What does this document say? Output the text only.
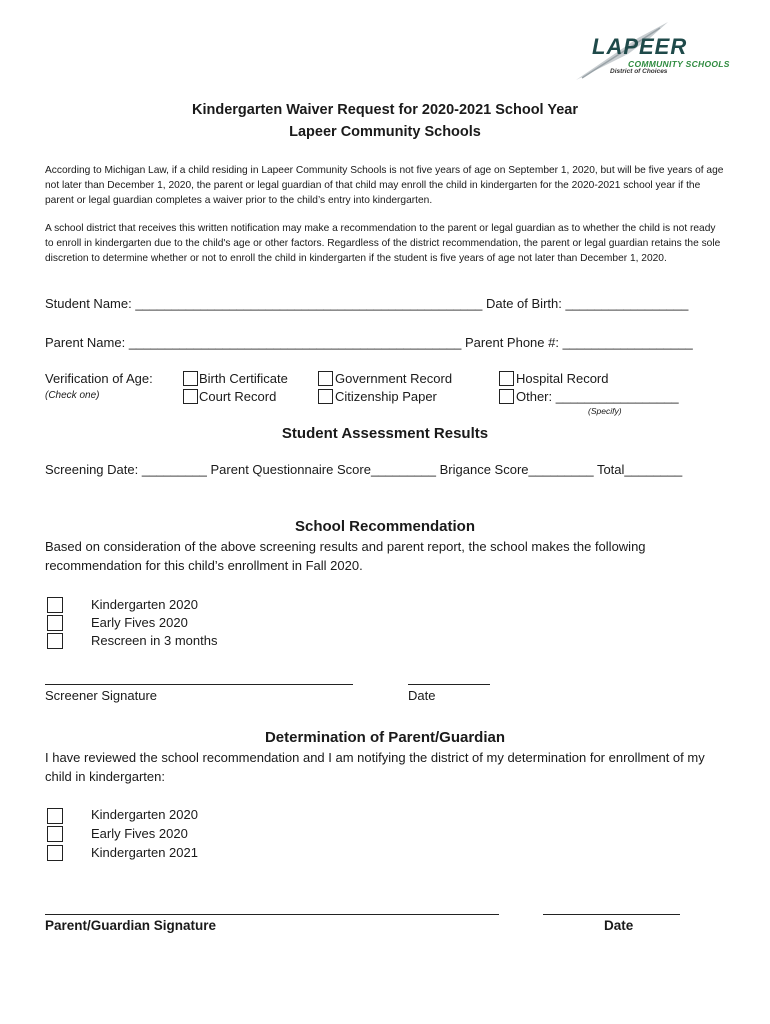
LAPEER
COMMUNITY SCHOOLS
District of Choices
Kindergarten Waiver Request for 2020-2021 School Year
Lapeer Community Schools
According to Michigan Law, if a child residing in Lapeer Community Schools is not five years of age on September 1, 2020, but will be five years of age not later than December 1, 2020, the parent or legal guardian of that child may enroll the child in kindergarten for the 2020-2021 school year if the parent or legal guardian completes a waiver prior to the child’s entry into kindergarten.
A school district that receives this written notification may make a recommendation to the parent or legal guardian as to whether the child is not ready to enroll in kindergarten due to the child's age or other factors. Regardless of the district recommendation, the parent or legal guardian retains the sole discretion to determine whether or not to enroll the child in kindergarten if the student is five years of age not later than December 1, 2020.
Student Name: ________________________________________________ Date of Birth: _________________
Parent Name: ______________________________________________ Parent Phone #: __________________
Verification of Age:
(Check one)
Birth Certificate	Government Record	Hospital Record
Court Record	Citizenship Paper	Other: _________________
(Specify)
Student Assessment Results
Screening Date: _________ Parent Questionnaire Score_________ Brigance Score_________ Total________
School Recommendation
Based on consideration of the above screening results and parent report, the school makes the following recommendation for this child’s enrollment in Fall 2020.
Kindergarten 2020
Early Fives 2020
Rescreen in 3 months
Screener Signature	Date
Determination of Parent/Guardian
I have reviewed the school recommendation and I am notifying the district of my determination for enrollment of my child in kindergarten:
Kindergarten 2020
Early Fives 2020
Kindergarten 2021
Parent/Guardian Signature	Date
